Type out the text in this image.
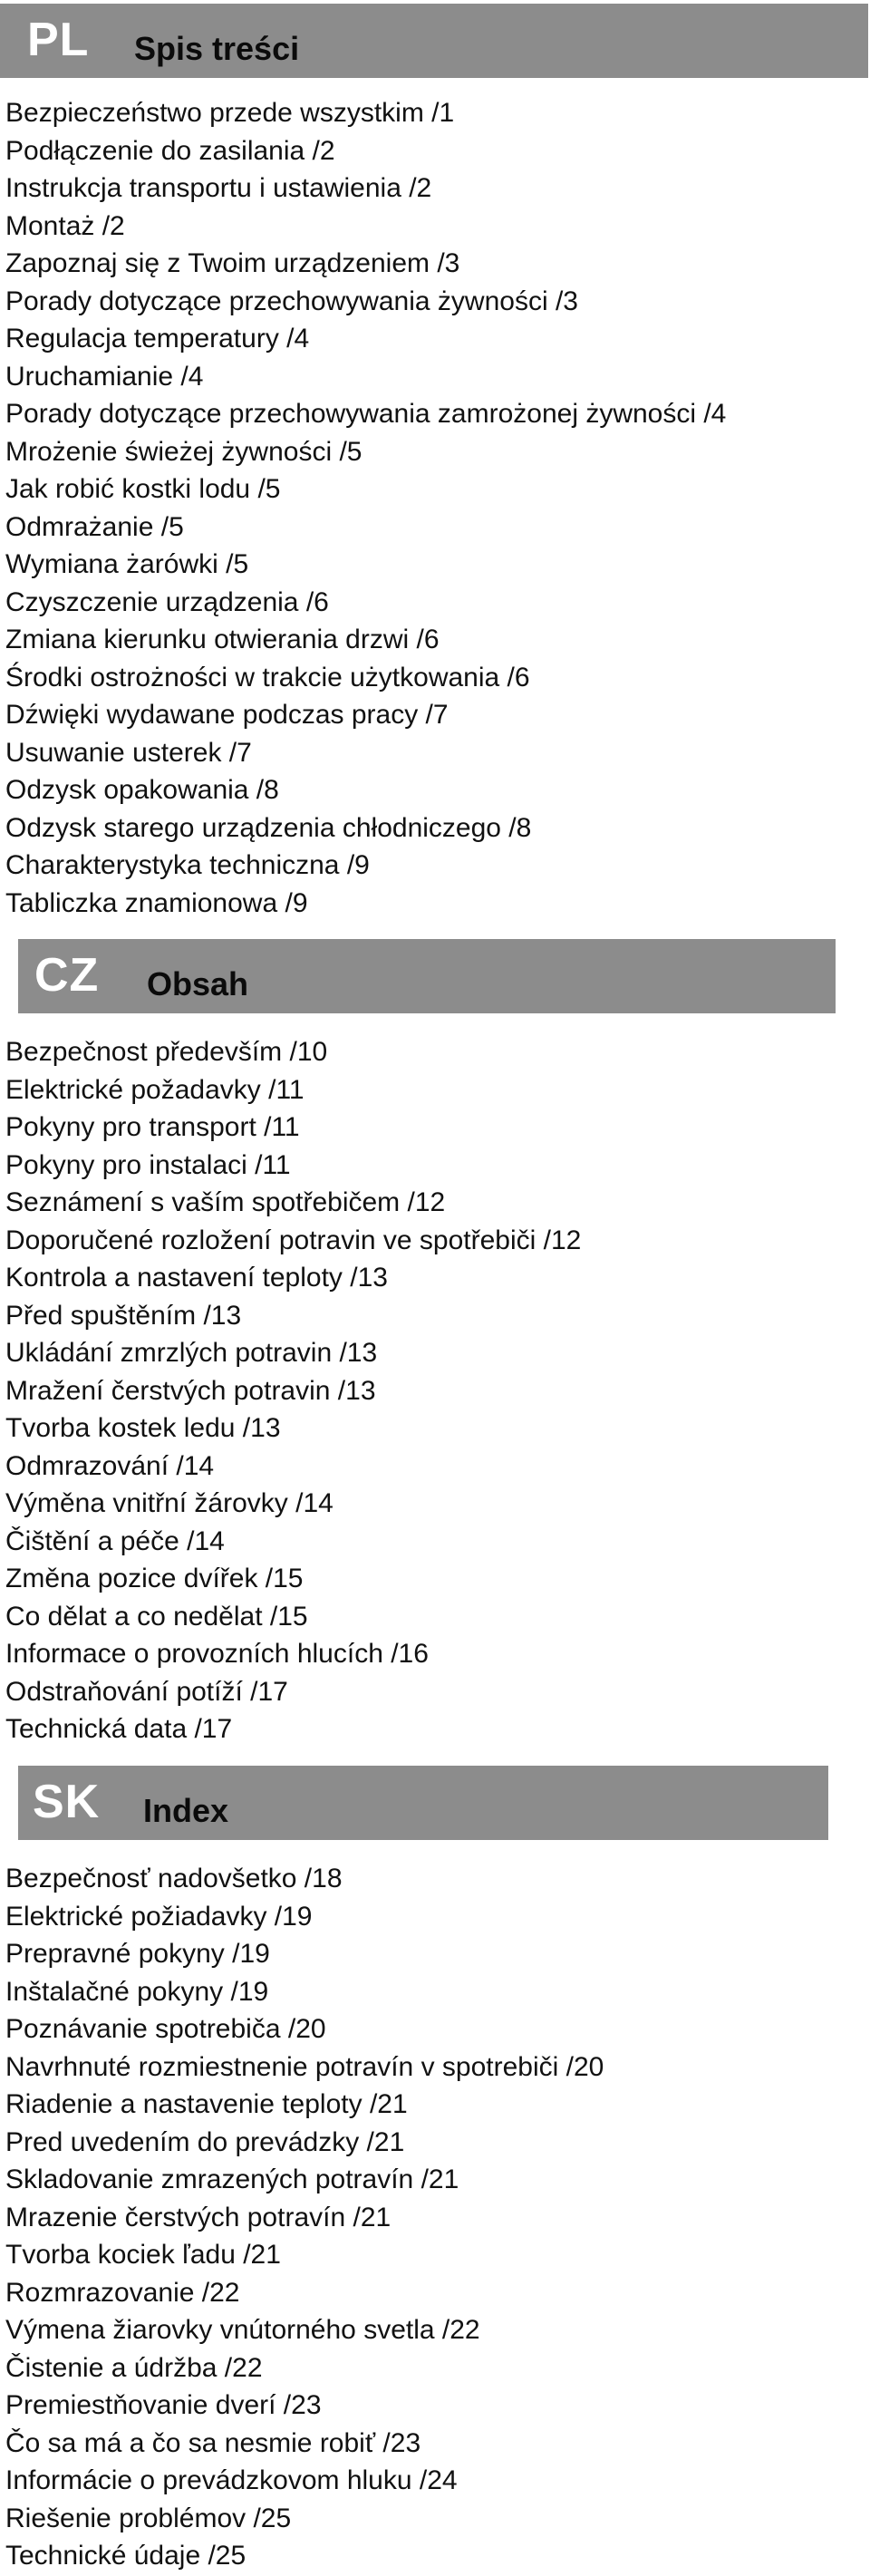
PL Spis treści
Bezpieczeństwo przede wszystkim /1
Podłączenie do zasilania /2
Instrukcja transportu i ustawienia /2
Montaż /2
Zapoznaj się z Twoim urządzeniem /3
Porady dotyczące przechowywania żywności /3
Regulacja temperatury /4
Uruchamianie /4
Porady dotyczące przechowywania zamrożonej żywności /4
Mrożenie świeżej żywności /5
Jak robić kostki lodu /5
Odmrażanie /5
Wymiana żarówki /5
Czyszczenie urządzenia /6
Zmiana kierunku otwierania drzwi /6
Środki ostrożności w trakcie użytkowania /6
Dźwięki wydawane podczas pracy /7
Usuwanie usterek /7
Odzysk opakowania /8
Odzysk starego urządzenia chłodniczego /8
Charakterystyka techniczna /9
Tabliczka znamionowa /9
CZ Obsah
Bezpečnost především /10
Elektrické požadavky /11
Pokyny pro transport /11
Pokyny pro instalaci /11
Seznámení s vaším spotřebičem /12
Doporučené rozložení potravin ve spotřebiči /12
Kontrola a nastavení teploty /13
Před spuštěním /13
Ukládání zmrzlých potravin /13
Mražení čerstvých potravin /13
Tvorba kostek ledu /13
Odmrazování /14
Výměna vnitřní žárovky /14
Čištění a péče /14
Změna pozice dvířek /15
Co dělat a co nedělat /15
Informace o provozních hlucích /16
Odstraňování potíží /17
Technická data /17
SK Index
Bezpečnosť nadovšetko /18
Elektrické požiadavky /19
Prepravné pokyny /19
Inštalačné pokyny /19
Poznávanie spotrebiča /20
Navrhnuté rozmiestnenie potravín v spotrebiči /20
Riadenie a nastavenie teploty /21
Pred uvedením do prevádzky /21
Skladovanie zmrazených potravín /21
Mrazenie čerstvých potravín /21
Tvorba kociek ľadu /21
Rozmrazovanie /22
Výmena žiarovky vnútorného svetla /22
Čistenie a údržba /22
Premiestňovanie dverí /23
Čo sa má a čo sa nesmie robiť /23
Informácie o prevádzkovom hluku /24
Riešenie problémov /25
Technické údaje /25
